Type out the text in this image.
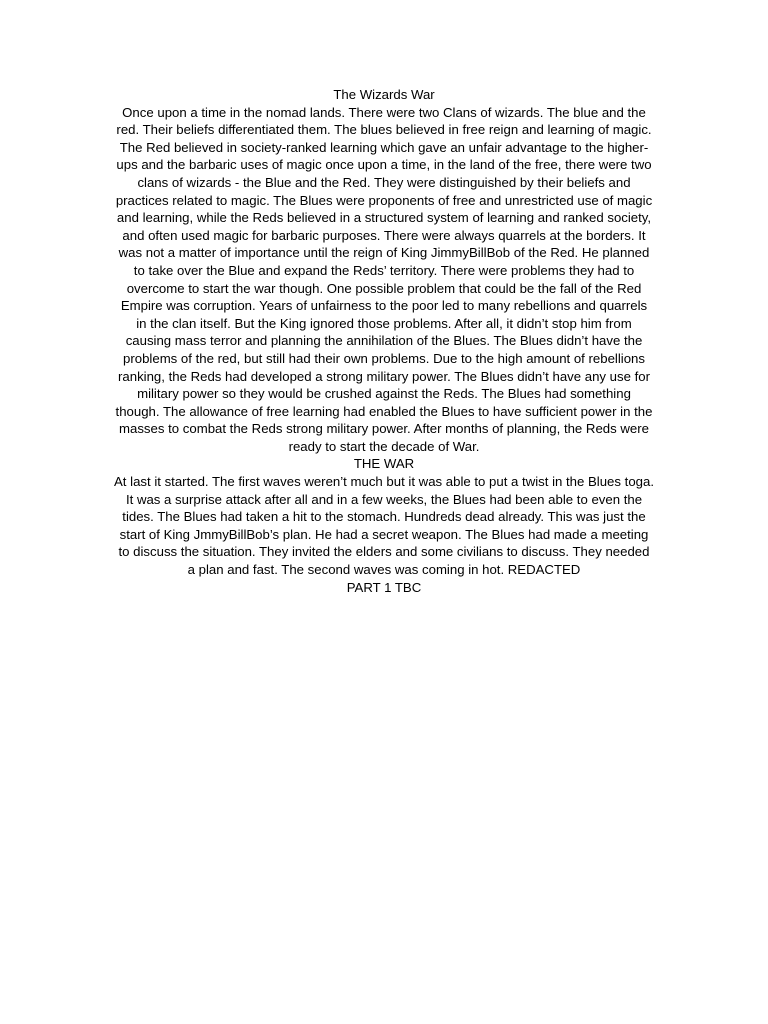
The Wizards War
Once upon a time in the nomad lands. There were two Clans of wizards. The blue and the
red. Their beliefs differentiated them. The blues believed in free reign and learning of magic.
The Red believed in society-ranked learning which gave an unfair advantage to the higher-
ups and the barbaric uses of magic once upon a time, in the land of the free, there were two
clans of wizards - the Blue and the Red. They were distinguished by their beliefs and
practices related to magic. The Blues were proponents of free and unrestricted use of magic
and learning, while the Reds believed in a structured system of learning and ranked society,
and often used magic for barbaric purposes. There were always quarrels at the borders. It
was not a matter of importance until the reign of King JimmyBillBob of the Red. He planned
to take over the Blue and expand the Reds’ territory. There were problems they had to
overcome to start the war though. One possible problem that could be the fall of the Red
Empire was corruption. Years of unfairness to the poor led to many rebellions and quarrels
in the clan itself. But the King ignored those problems. After all, it didn’t stop him from
causing mass terror and planning the annihilation of the Blues. The Blues didn’t have the
problems of the red, but still had their own problems. Due to the high amount of rebellions
ranking, the Reds had developed a strong military power. The Blues didn’t have any use for
military power so they would be crushed against the Reds. The Blues had something
though. The allowance of free learning had enabled the Blues to have sufficient power in the
masses to combat the Reds strong military power. After months of planning, the Reds were
ready to start the decade of War.
THE WAR
At last it started. The first waves weren’t much but it was able to put a twist in the Blues toga.
It was a surprise attack after all and in a few weeks, the Blues had been able to even the
tides. The Blues had taken a hit to the stomach. Hundreds dead already. This was just the
start of King JmmyBillBob’s plan. He had a secret weapon. The Blues had made a meeting
to discuss the situation. They invited the elders and some civilians to discuss. They needed
a plan and fast. The second waves was coming in hot. REDACTED
PART 1 TBC
